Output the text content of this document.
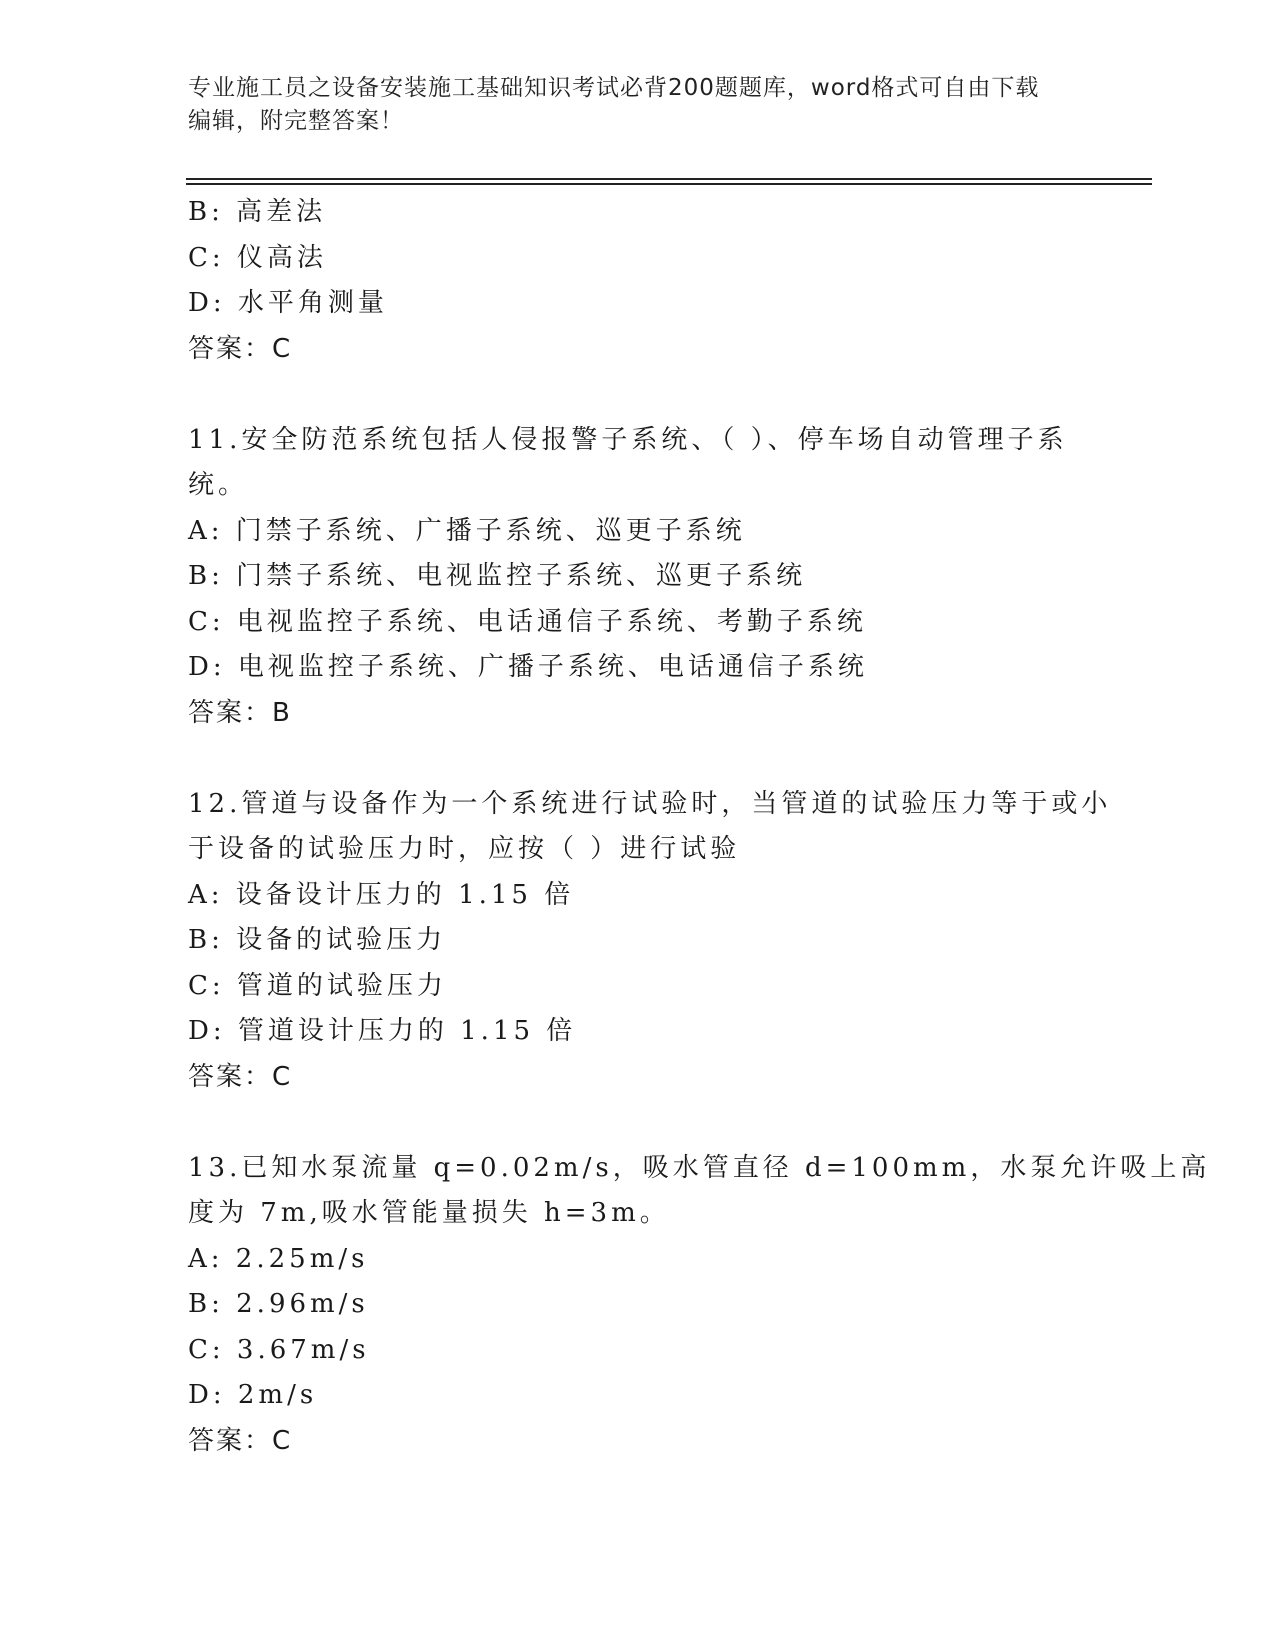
专业施工员之设备安装施工基础知识考试必背200题题库，word格式可自由下载
编辑，附完整答案！
B: 高差法
C: 仪高法
D: 水平角测量
答案：C
11.安全防范系统包括人侵报警子系统、（ ）、停车场自动管理子系
统。
A: 门禁子系统、广播子系统、巡更子系统
B: 门禁子系统、电视监控子系统、巡更子系统
C: 电视监控子系统、电话通信子系统、考勤子系统
D: 电视监控子系统、广播子系统、电话通信子系统
答案：B
12.管道与设备作为一个系统进行试验时，当管道的试验压力等于或小
于设备的试验压力时，应按（ ）进行试验
A: 设备设计压力的 1.15 倍
B: 设备的试验压力
C: 管道的试验压力
D: 管道设计压力的 1.15 倍
答案：C
13.已知水泵流量 q=0.02m/s，吸水管直径 d=100mm，水泵允许吸上高
度为 7m,吸水管能量损失 h=3m。
A: 2.25m/s
B: 2.96m/s
C: 3.67m/s
D: 2m/s
答案：C
